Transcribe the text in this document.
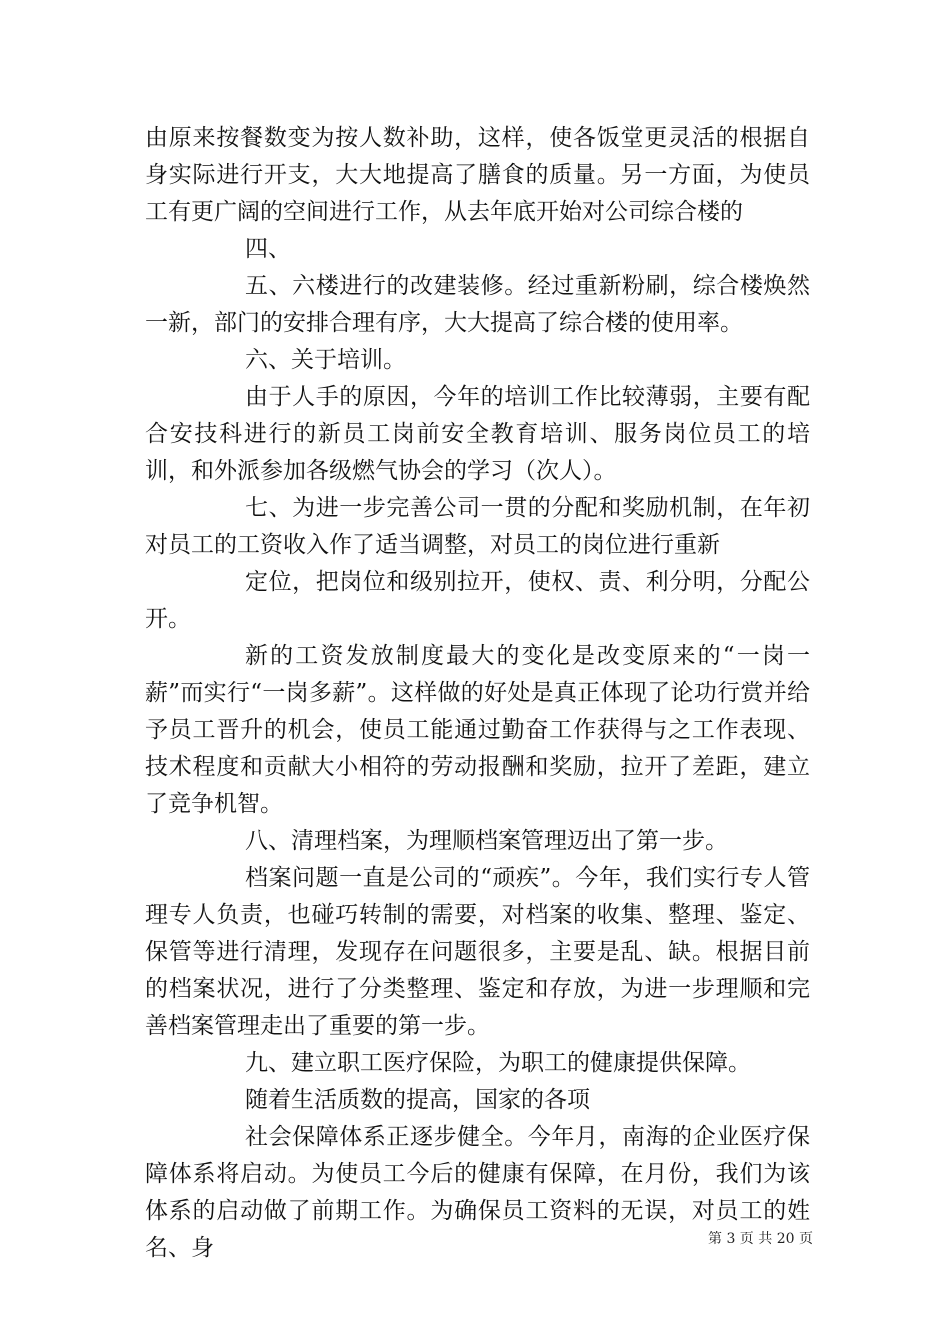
由原来按餐数变为按人数补助，这样，使各饭堂更灵活的根据自身实际进行开支，大大地提高了膳食的质量。另一方面，为使员工有更广阔的空间进行工作，从去年底开始对公司综合楼的

四、

五、六楼进行的改建装修。经过重新粉刷，综合楼焕然一新，部门的安排合理有序，大大提高了综合楼的使用率。

六、关于培训。

由于人手的原因，今年的培训工作比较薄弱，主要有配合安技科进行的新员工岗前安全教育培训、服务岗位员工的培训，和外派参加各级燃气协会的学习（次人）。

七、为进一步完善公司一贯的分配和奖励机制，在年初对员工的工资收入作了适当调整，对员工的岗位进行重新

定位，把岗位和级别拉开，使权、责、利分明，分配公开。

新的工资发放制度最大的变化是改变原来的“一岗一薪”而实行“一岗多薪”。这样做的好处是真正体现了论功行赏并给予员工晋升的机会，使员工能通过勤奋工作获得与之工作表现、技术程度和贡献大小相符的劳动报酬和奖励，拉开了差距，建立了竞争机智。

八、清理档案，为理顺档案管理迈出了第一步。

档案问题一直是公司的“顽疾”。今年，我们实行专人管理专人负责，也碰巧转制的需要，对档案的收集、整理、鉴定、保管等进行清理，发现存在问题很多，主要是乱、缺。根据目前的档案状况，进行了分类整理、鉴定和存放，为进一步理顺和完善档案管理走出了重要的第一步。

九、建立职工医疗保险，为职工的健康提供保障。

随着生活质数的提高，国家的各项

社会保障体系正逐步健全。今年月，南海的企业医疗保障体系将启动。为使员工今后的健康有保障，在月份，我们为该体系的启动做了前期工作。为确保员工资料的无误，对员工的姓名、身	第 3 页 共 20 页
